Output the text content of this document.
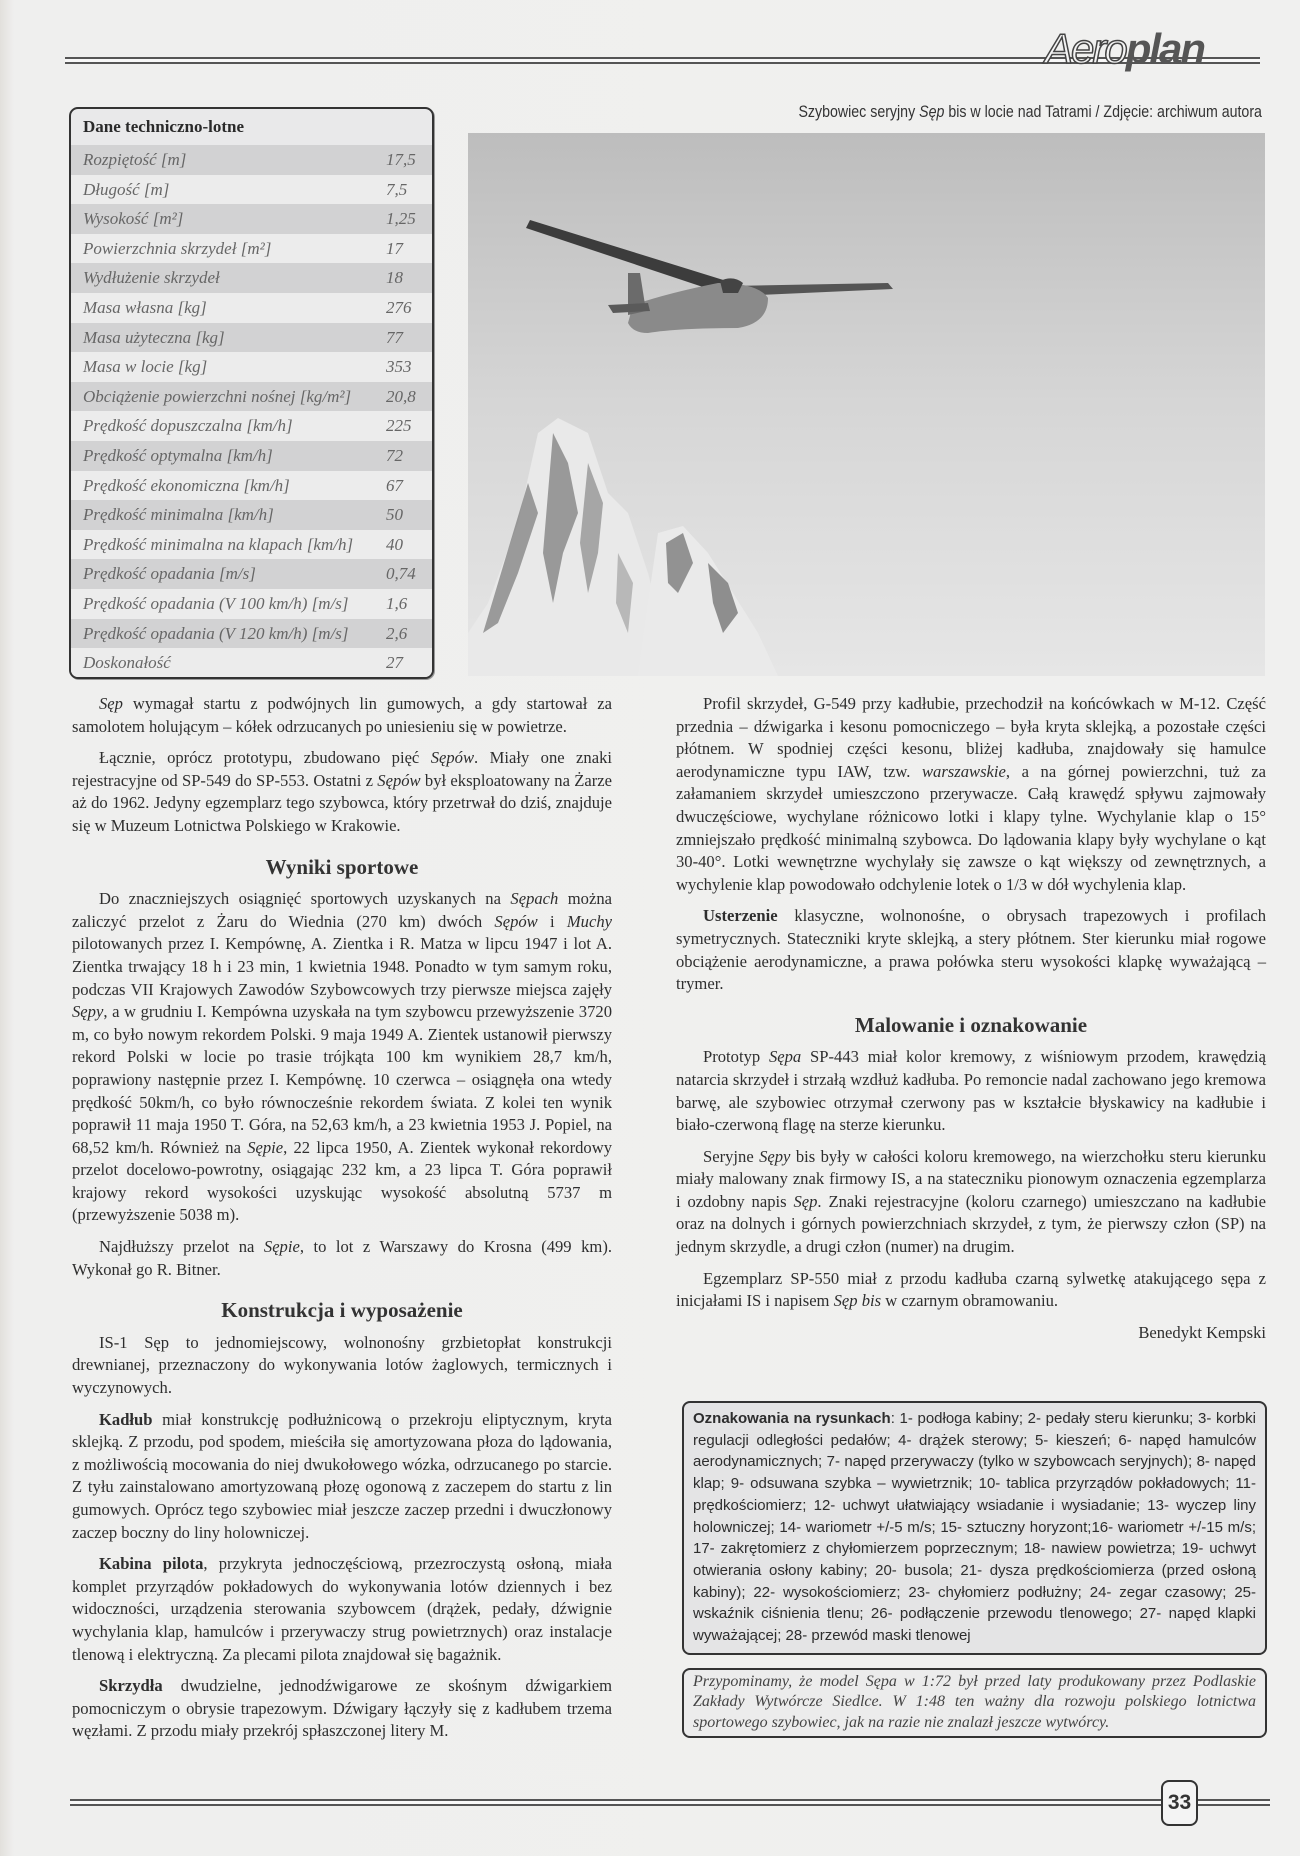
Aeroplan
Szybowiec seryjny Sęp bis w locie nad Tatrami / Zdjęcie: archiwum autora
Dane techniczno-lotne
Rozpiętość [m]	17,5
Długość [m]	7,5
Wysokość [m²]	1,25
Powierzchnia skrzydeł [m²]	17
Wydłużenie skrzydeł	18
Masa własna [kg]	276
Masa użyteczna [kg]	77
Masa w locie [kg]	353
Obciążenie powierzchni nośnej [kg/m²] 20,8
Prędkość dopuszczalna [km/h]	225
Prędkość optymalna [km/h]	72
Prędkość ekonomiczna [km/h]	67
Prędkość minimalna [km/h]	50
Prędkość minimalna na klapach [km/h] 40
Prędkość opadania [m/s]	0,74
Prędkość opadania (V 100 km/h) [m/s] 1,6
Prędkość opadania (V 120 km/h) [m/s] 2,6
Doskonałość	27

Sęp wymagał startu z podwójnych lin gumowych, a gdy startował za samolotem holującym – kółek odrzucanych po uniesieniu się w powietrze.

Łącznie, oprócz prototypu, zbudowano pięć Sępów. Miały one znaki rejestracyjne od SP-549 do SP-553. Ostatni z Sępów był eksploatowany na Żarze aż do 1962. Jedyny egzemplarz tego szybowca, który przetrwał do dziś, znajduje się w Muzeum Lotnictwa Polskiego w Krakowie.

Wyniki sportowe

Do znaczniejszych osiągnięć sportowych uzyskanych na Sępach można zaliczyć przelot z Żaru do Wiednia (270 km) dwóch Sępów i Muchy pilotowanych przez I. Kempównę, A. Zientka i R. Matza w lipcu 1947 i lot A. Zientka trwający 18 h i 23 min, 1 kwietnia 1948. Ponadto w tym samym roku, podczas VII Krajowych Zawodów Szybowcowych trzy pierwsze miejsca zajęły Sępy, a w grudniu I. Kempówna uzyskała na tym szybowcu przewyższenie 3720 m, co było nowym rekordem Polski. 9 maja 1949 A. Zientek ustanowił pierwszy rekord Polski w locie po trasie trójkąta 100 km wynikiem 28,7 km/h, poprawiony następnie przez I. Kempównę. 10 czerwca – osiągnęła ona wtedy prędkość 50km/h, co było równocześnie rekordem świata. Z kolei ten wynik poprawił 11 maja 1950 T. Góra, na 52,63 km/h, a 23 kwietnia 1953 J. Popiel, na 68,52 km/h. Również na Sępie, 22 lipca 1950, A. Zientek wykonał rekordowy przelot docelowo-powrotny, osiągając 232 km, a 23 lipca T. Góra poprawił krajowy rekord wysokości uzyskując wysokość absolutną 5737 m (przewyższenie 5038 m).

Najdłuższy przelot na Sępie, to lot z Warszawy do Krosna (499 km). Wykonał go R. Bitner.

Konstrukcja i wyposażenie

IS-1 Sęp to jednomiejscowy, wolnonośny grzbietopłat konstrukcji drewnianej, przeznaczony do wykonywania lotów żaglowych, termicznych i wyczynowych.

Kadłub miał konstrukcję podłużnicową o przekroju eliptycznym, kryta sklejką. Z przodu, pod spodem, mieściła się amortyzowana płoza do lądowania, z możliwością mocowania do niej dwukołowego wózka, odrzucanego po starcie. Z tyłu zainstalowano amortyzowaną płozę ogonową z zaczepem do startu z lin gumowych. Oprócz tego szybowiec miał jeszcze zaczep przedni i dwuczłonowy zaczep boczny do liny holowniczej.

Kabina pilota, przykryta jednoczęściową, przezroczystą osłoną, miała komplet przyrządów pokładowych do wykonywania lotów dziennych i bez widoczności, urządzenia sterowania szybowcem (drążek, pedały, dźwignie wychylania klap, hamulców i przerywaczy strug powietrznych) oraz instalacje tlenową i elektryczną. Za plecami pilota znajdował się bagażnik.

Skrzydła dwudzielne, jednodźwigarowe ze skośnym dźwigarkiem pomocniczym o obrysie trapezowym. Dźwigary łączyły się z kadłubem trzema węzłami. Z przodu miały przekrój spłaszczonej litery M.

Profil skrzydeł, G-549 przy kadłubie, przechodził na końcówkach w M-12. Część przednia – dźwigarka i kesonu pomocniczego – była kryta sklejką, a pozostałe części płótnem. W spodniej części kesonu, bliżej kadłuba, znajdowały się hamulce aerodynamiczne typu IAW, tzw. warszawskie, a na górnej powierzchni, tuż za załamaniem skrzydeł umieszczono przerywacze. Całą krawędź spływu zajmowały dwuczęściowe, wychylane różnicowo lotki i klapy tylne. Wychylanie klap o 15° zmniejszało prędkość minimalną szybowca. Do lądowania klapy były wychylane o kąt 30-40°. Lotki wewnętrzne wychylały się zawsze o kąt większy od zewnętrznych, a wychylenie klap powodowało odchylenie lotek o 1/3 w dół wychylenia klap.

Usterzenie klasyczne, wolnonośne, o obrysach trapezowych i profilach symetrycznych. Stateczniki kryte sklejką, a stery płótnem. Ster kierunku miał rogowe obciążenie aerodynamiczne, a prawa połówka steru wysokości klapkę wyważającą – trymer.

Malowanie i oznakowanie

Prototyp Sępa SP-443 miał kolor kremowy, z wiśniowym przodem, krawędzią natarcia skrzydeł i strzałą wzdłuż kadłuba. Po remoncie nadal zachowano jego kremowa barwę, ale szybowiec otrzymał czerwony pas w kształcie błyskawicy na kadłubie i biało-czerwoną flagę na sterze kierunku.

Seryjne Sępy bis były w całości koloru kremowego, na wierzchołku steru kierunku miały malowany znak firmowy IS, a na stateczniku pionowym oznaczenia egzemplarza i ozdobny napis Sęp. Znaki rejestracyjne (koloru czarnego) umieszczano na kadłubie oraz na dolnych i górnych powierzchniach skrzydeł, z tym, że pierwszy człon (SP) na jednym skrzydle, a drugi człon (numer) na drugim.

Egzemplarz SP-550 miał z przodu kadłuba czarną sylwetkę atakującego sępa z inicjałami IS i napisem Sęp bis w czarnym obramowaniu.

Benedykt Kempski
Oznakowania na rysunkach: 1- podłoga kabiny; 2- pedały steru kierunku; 3- korbki regulacji odległości pedałów; 4- drążek sterowy; 5- kieszeń; 6- napęd hamulców aerodynamicznych; 7- napęd przerywaczy (tylko w szybowcach seryjnych); 8- napęd klap; 9- odsuwana szybka – wywietrznik; 10- tablica przyrządów pokładowych; 11- prędkościomierz; 12- uchwyt ułatwiający wsiadanie i wysiadanie; 13- wyczep liny holowniczej; 14- wariometr +/-5 m/s; 15- sztuczny horyzont;16- wariometr +/-15 m/s; 17- zakrętomierz z chyłomierzem poprzecznym; 18- nawiew powietrza; 19- uchwyt otwierania osłony kabiny; 20- busola; 21- dysza prędkościomierza (przed osłoną kabiny); 22- wysokościomierz; 23- chyłomierz podłużny; 24- zegar czasowy; 25- wskaźnik ciśnienia tlenu; 26- podłączenie przewodu tlenowego; 27- napęd klapki wyważającej; 28- przewód maski tlenowej
Przypominamy, że model Sępa w 1:72 był przed laty produkowany przez Podlaskie Zakłady Wytwórcze Siedlce. W 1:48 ten ważny dla rozwoju polskiego lotnictwa sportowego szybowiec, jak na razie nie znalazł jeszcze wytwórcy.
33
